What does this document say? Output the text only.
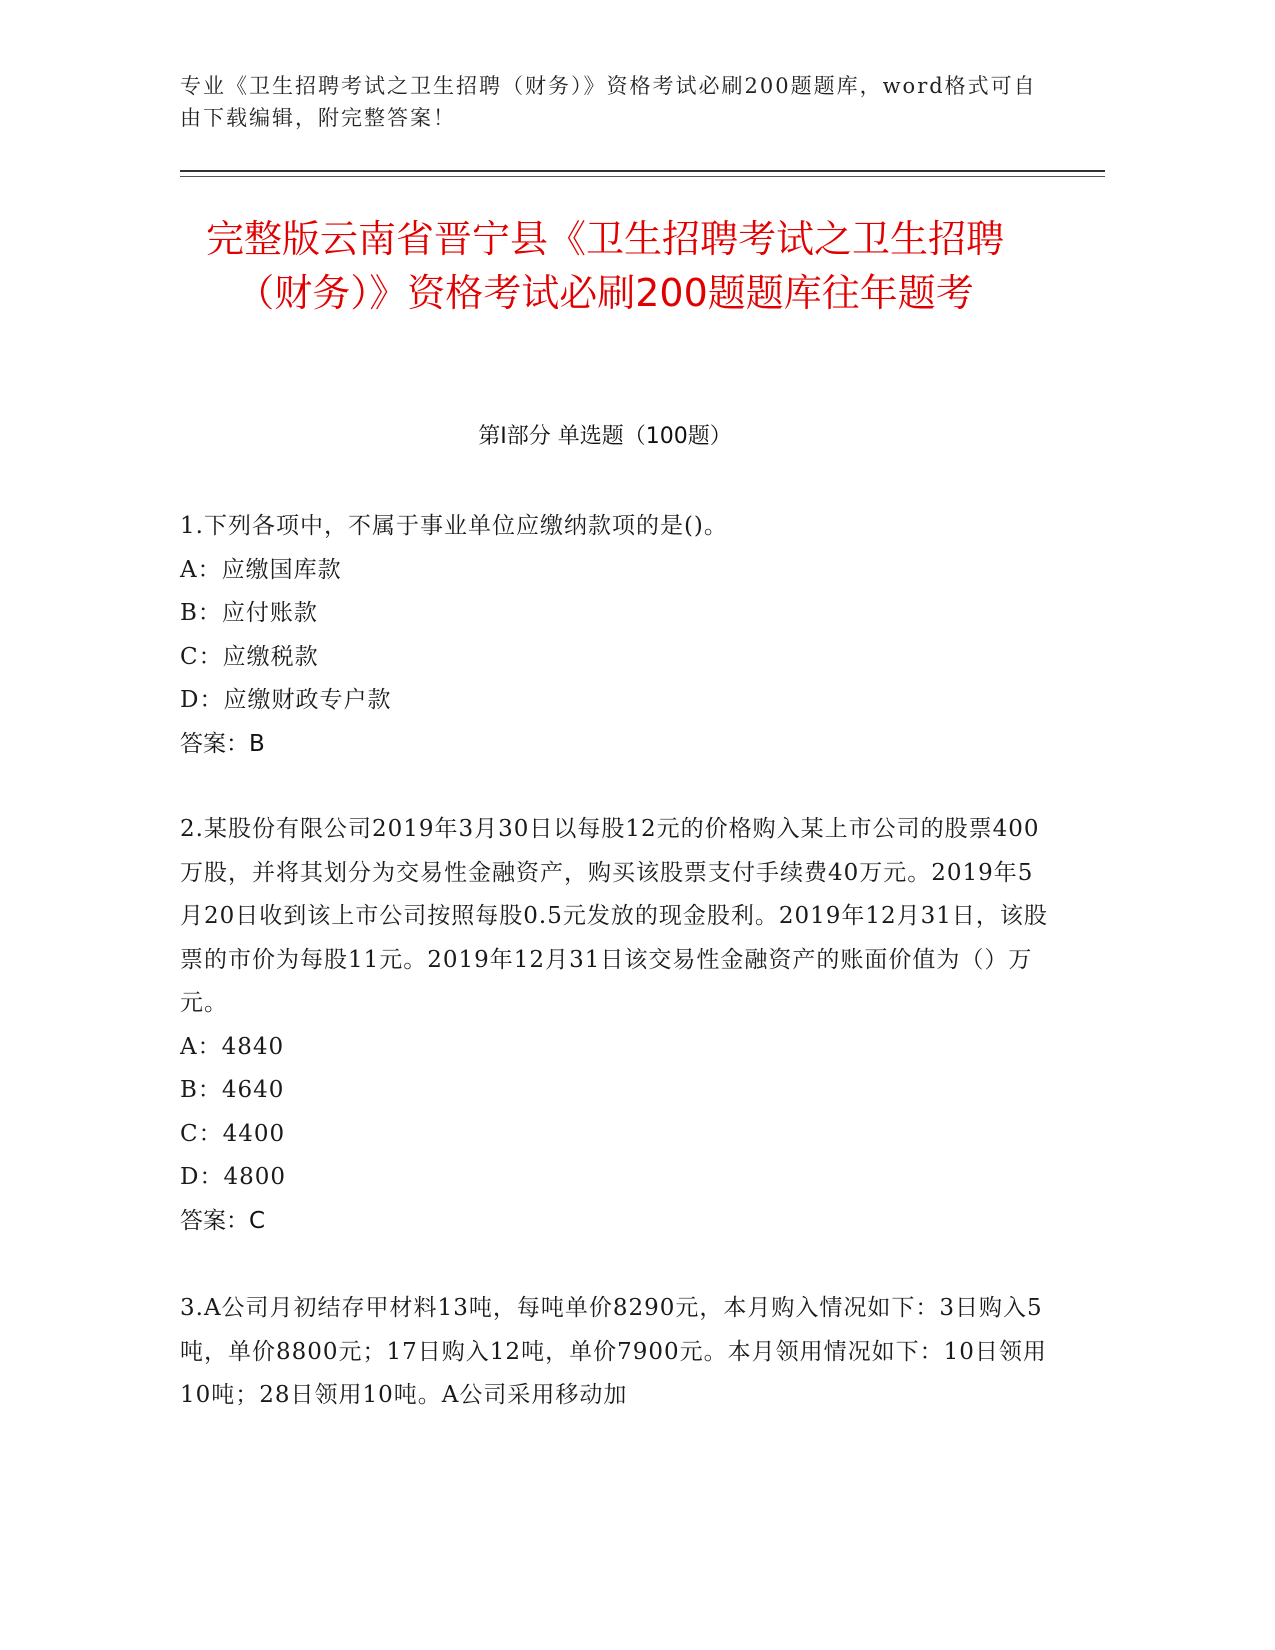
专业《卫生招聘考试之卫生招聘（财务）》资格考试必刷200题题库，word格式可自由下载编辑，附完整答案！
完整版云南省晋宁县《卫生招聘考试之卫生招聘（财务）》资格考试必刷200题题库往年题考
第Ⅰ部分 单选题（100题）
1.下列各项中，不属于事业单位应缴纳款项的是()。
A：应缴国库款
B：应付账款
C：应缴税款
D：应缴财政专户款
答案：B
2.某股份有限公司2019年3月30日以每股12元的价格购入某上市公司的股票400万股，并将其划分为交易性金融资产，购买该股票支付手续费40万元。2019年5月20日收到该上市公司按照每股0.5元发放的现金股利。2019年12月31日，该股票的市价为每股11元。2019年12月31日该交易性金融资产的账面价值为（）万元。
A：4840
B：4640
C：4400
D：4800
答案：C
3.A公司月初结存甲材料13吨，每吨单价8290元，本月购入情况如下：3日购入5吨，单价8800元；17日购入12吨，单价7900元。本月领用情况如下：10日领用10吨；28日领用10吨。A公司采用移动加
